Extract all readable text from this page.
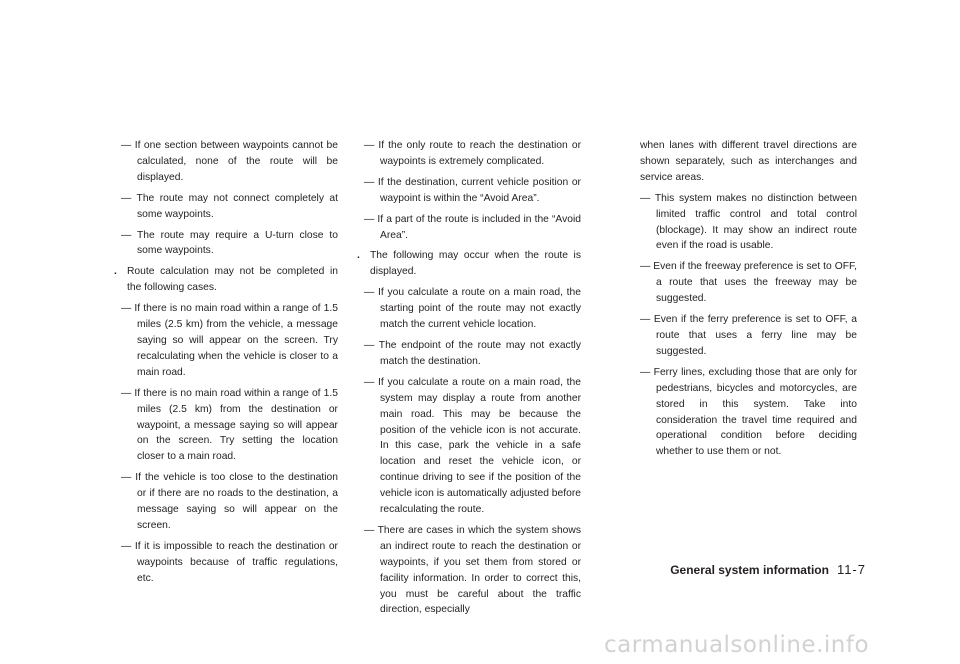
— If one section between waypoints cannot be calculated, none of the route will be displayed.
— The route may not connect completely at some waypoints.
— The route may require a U-turn close to some waypoints.
. Route calculation may not be completed in the following cases.
— If there is no main road within a range of 1.5 miles (2.5 km) from the vehicle, a message saying so will appear on the screen. Try recalculating when the vehicle is closer to a main road.
— If there is no main road within a range of 1.5 miles (2.5 km) from the destination or waypoint, a message saying so will appear on the screen. Try setting the location closer to a main road.
— If the vehicle is too close to the destination or if there are no roads to the destination, a message saying so will appear on the screen.
— If it is impossible to reach the destination or waypoints because of traffic regulations, etc.
— If the only route to reach the destination or waypoints is extremely complicated.
— If the destination, current vehicle position or waypoint is within the “Avoid Area”.
— If a part of the route is included in the “Avoid Area”.
. The following may occur when the route is displayed.
— If you calculate a route on a main road, the starting point of the route may not exactly match the current vehicle location.
— The endpoint of the route may not exactly match the destination.
— If you calculate a route on a main road, the system may display a route from another main road. This may be because the position of the vehicle icon is not accurate. In this case, park the vehicle in a safe location and reset the vehicle icon, or continue driving to see if the position of the vehicle icon is automatically adjusted before recalculating the route.
— There are cases in which the system shows an indirect route to reach the destination or waypoints, if you set them from stored or facility information. In order to correct this, you must be careful about the traffic direction, especially
when lanes with different travel directions are shown separately, such as interchanges and service areas.
— This system makes no distinction between limited traffic control and total control (blockage). It may show an indirect route even if the road is usable.
— Even if the freeway preference is set to OFF, a route that uses the freeway may be suggested.
— Even if the ferry preference is set to OFF, a route that uses a ferry line may be suggested.
— Ferry lines, excluding those that are only for pedestrians, bicycles and motorcycles, are stored in this system. Take into consideration the travel time required and operational condition before deciding whether to use them or not.
General system information 11-7
carmanualsonline.info
